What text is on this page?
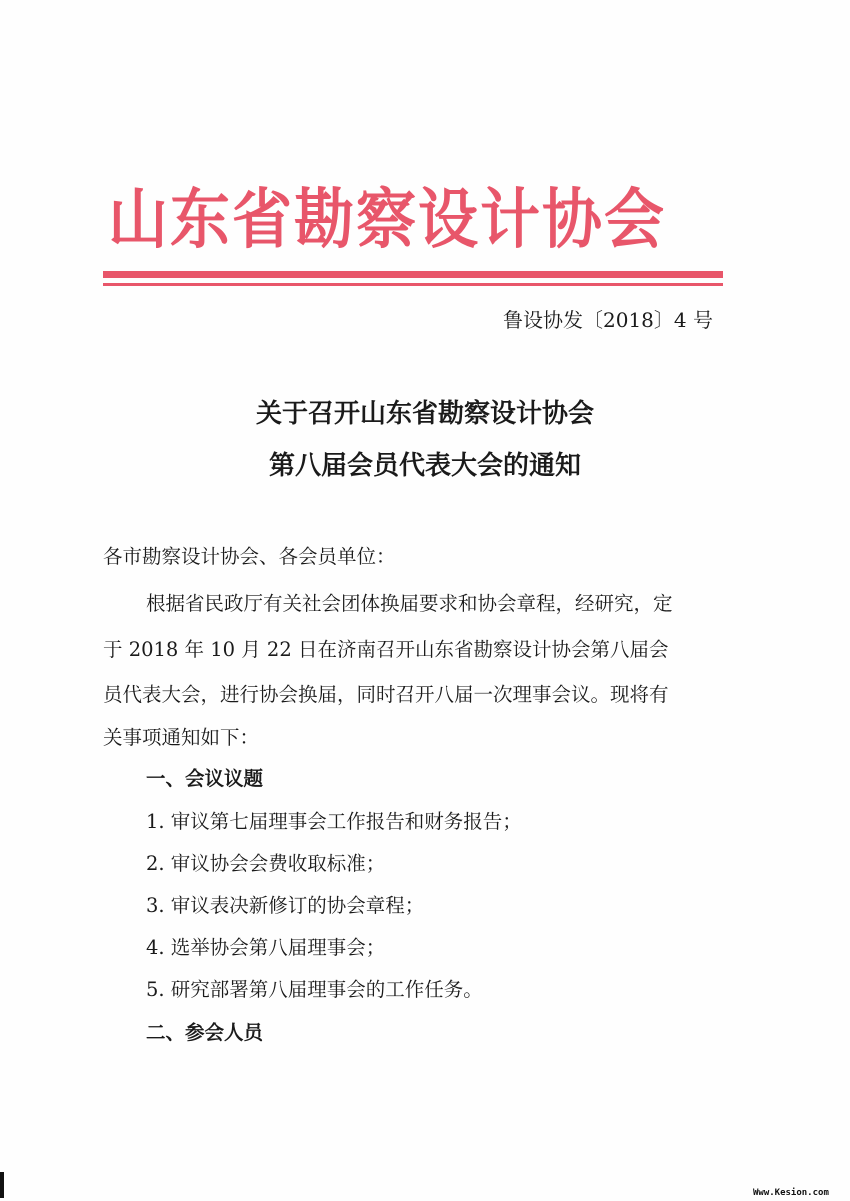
山东省勘察设计协会
鲁设协发〔2018〕4 号
关于召开山东省勘察设计协会
第八届会员代表大会的通知
各市勘察设计协会、各会员单位：
根据省民政厅有关社会团体换届要求和协会章程，经研究，定
于 2018 年 10 月 22 日在济南召开山东省勘察设计协会第八届会
员代表大会，进行协会换届，同时召开八届一次理事会议。现将有
关事项通知如下：
一、会议议题
1. 审议第七届理事会工作报告和财务报告；
2. 审议协会会费收取标准；
3. 审议表决新修订的协会章程；
4. 选举协会第八届理事会；
5. 研究部署第八届理事会的工作任务。
二、参会人员
Www.Kesion.com
